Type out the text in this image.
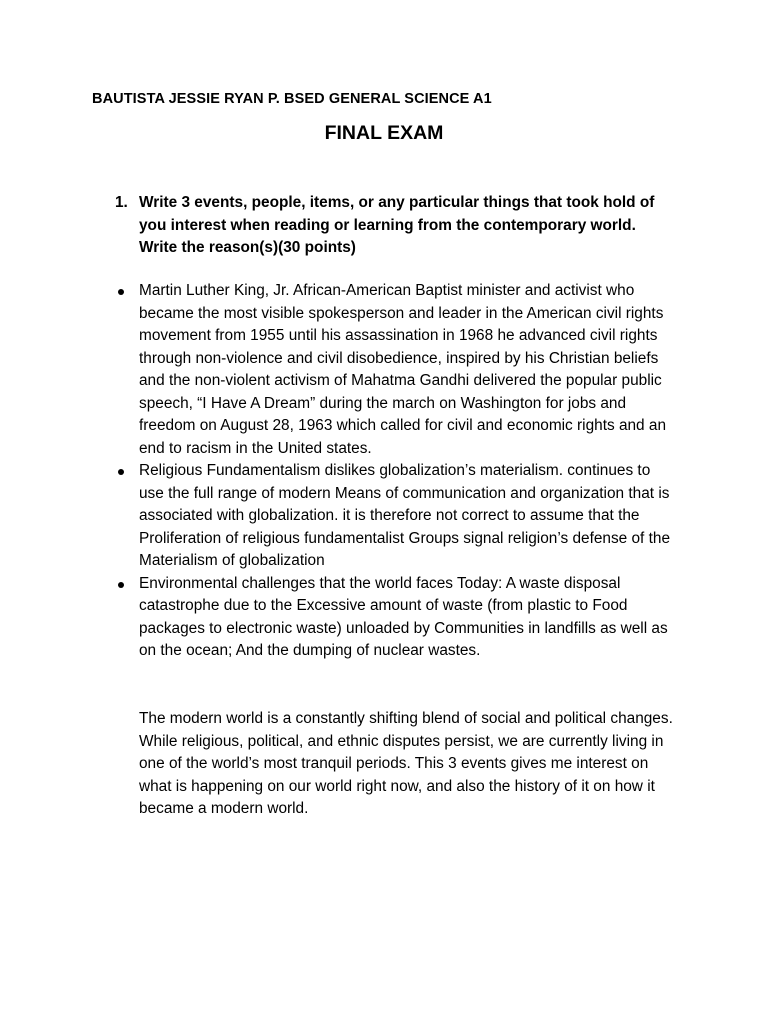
BAUTISTA JESSIE RYAN P. BSED GENERAL SCIENCE A1
FINAL EXAM
1. Write 3 events, people, items, or any particular things that took hold of you interest when reading or learning from the contemporary world. Write the reason(s)(30 points)
Martin Luther King, Jr. African-American Baptist minister and activist who became the most visible spokesperson and leader in the American civil rights movement from 1955 until his assassination in 1968 he advanced civil rights through non-violence and civil disobedience, inspired by his Christian beliefs and the non-violent activism of Mahatma Gandhi delivered the popular public speech, “I Have A Dream” during the march on Washington for jobs and freedom on August 28, 1963 which called for civil and economic rights and an end to racism in the United states.
Religious Fundamentalism dislikes globalization’s materialism. continues to use the full range of modern Means of communication and organization that is associated with globalization. it is therefore not correct to assume that the Proliferation of religious fundamentalist Groups signal religion’s defense of the Materialism of globalization
Environmental challenges that the world faces Today: A waste disposal catastrophe due to the Excessive amount of waste (from plastic to Food packages to electronic waste) unloaded by Communities in landfills as well as on the ocean; And the dumping of nuclear wastes.

The modern world is a constantly shifting blend of social and political changes. While religious, political, and ethnic disputes persist, we are currently living in one of the world’s most tranquil periods. This 3 events gives me interest on what is happening on our world right now, and also the history of it on how it became a modern world.
